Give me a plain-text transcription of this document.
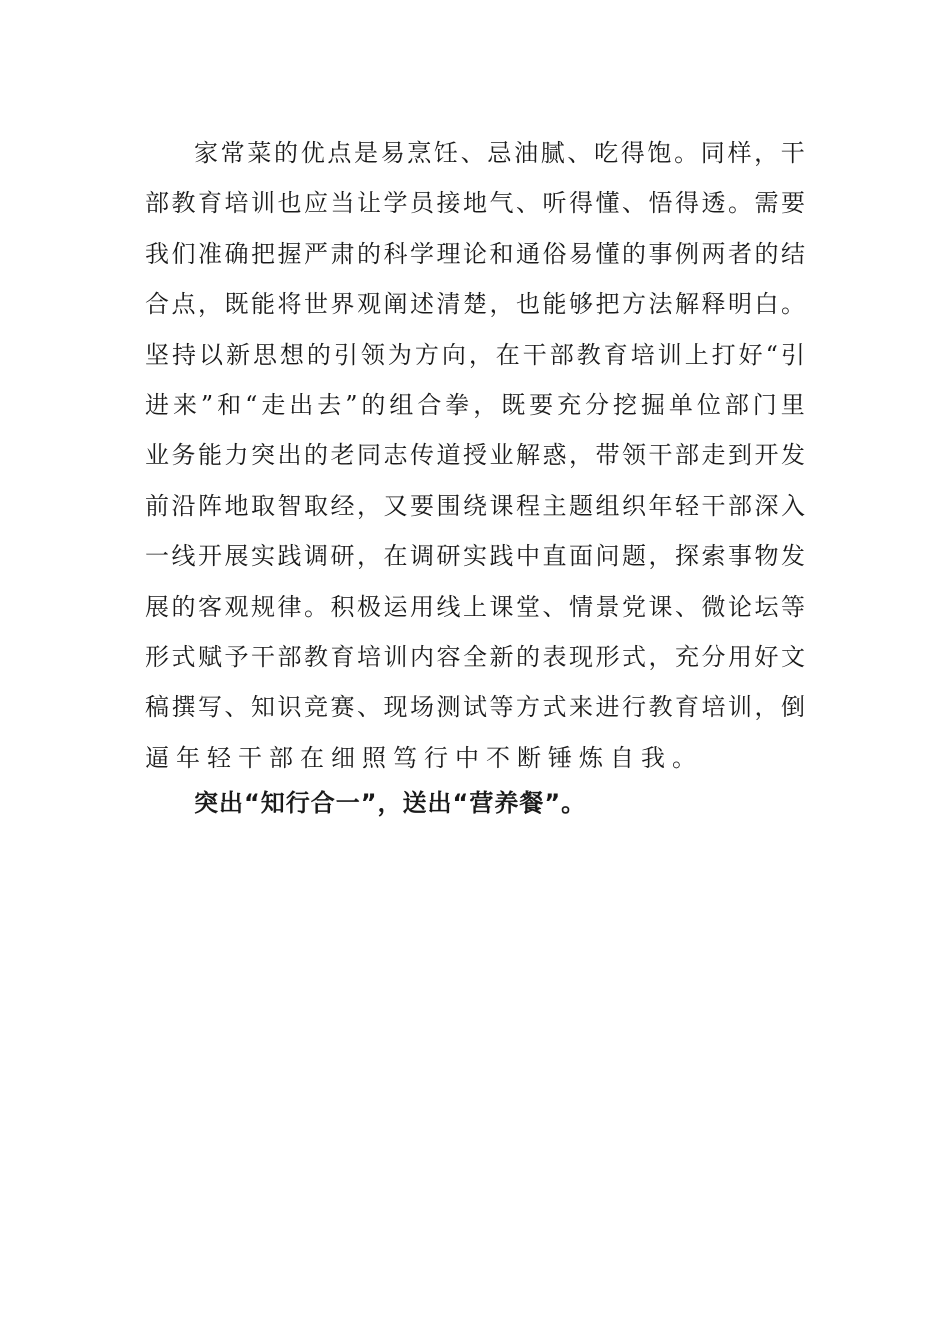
家 常 菜 的 优 点 是 易 烹 饪 、 忌 油 腻 、 吃 得 饱 。 同 样 ， 干
部 教 育 培 训 也 应 当 让 学 员 接 地 气 、 听 得 懂 、 悟 得 透 。 需 要
我 们 准 确 把 握 严 肃 的 科 学 理 论 和 通 俗 易 懂 的 事 例 两 者 的 结
合 点 ， 既 能 将 世 界 观 阐 述 清 楚 ， 也 能 够 把 方 法 解 释 明 白 。
坚 持 以 新 思 想 的 引 领 为 方 向 ， 在 干 部 教 育 培 训 上 打 好 “ 引
进 来 ” 和 “ 走 出 去 ” 的 组 合 拳 ， 既 要 充 分 挖 掘 单 位 部 门 里
业 务 能 力 突 出 的 老 同 志 传 道 授 业 解 惑 ， 带 领 干 部 走 到 开 发
前 沿 阵 地 取 智 取 经 ， 又 要 围 绕 课 程 主 题 组 织 年 轻 干 部 深 入
一 线 开 展 实 践 调 研 ， 在 调 研 实 践 中 直 面 问 题 ， 探 索 事 物 发
展 的 客 观 规 律 。 积 极 运 用 线 上 课 堂 、 情 景 党 课 、 微 论 坛 等
形 式 赋 予 干 部 教 育 培 训 内 容 全 新 的 表 现 形 式 ， 充 分 用 好 文
稿 撰 写 、 知 识 竞 赛 、 现 场 测 试 等 方 式 来 进 行 教 育 培 训 ， 倒
逼年轻干部在细照笃行中不断锤炼自我。
突出“知行合一”，送出“营养餐”。
